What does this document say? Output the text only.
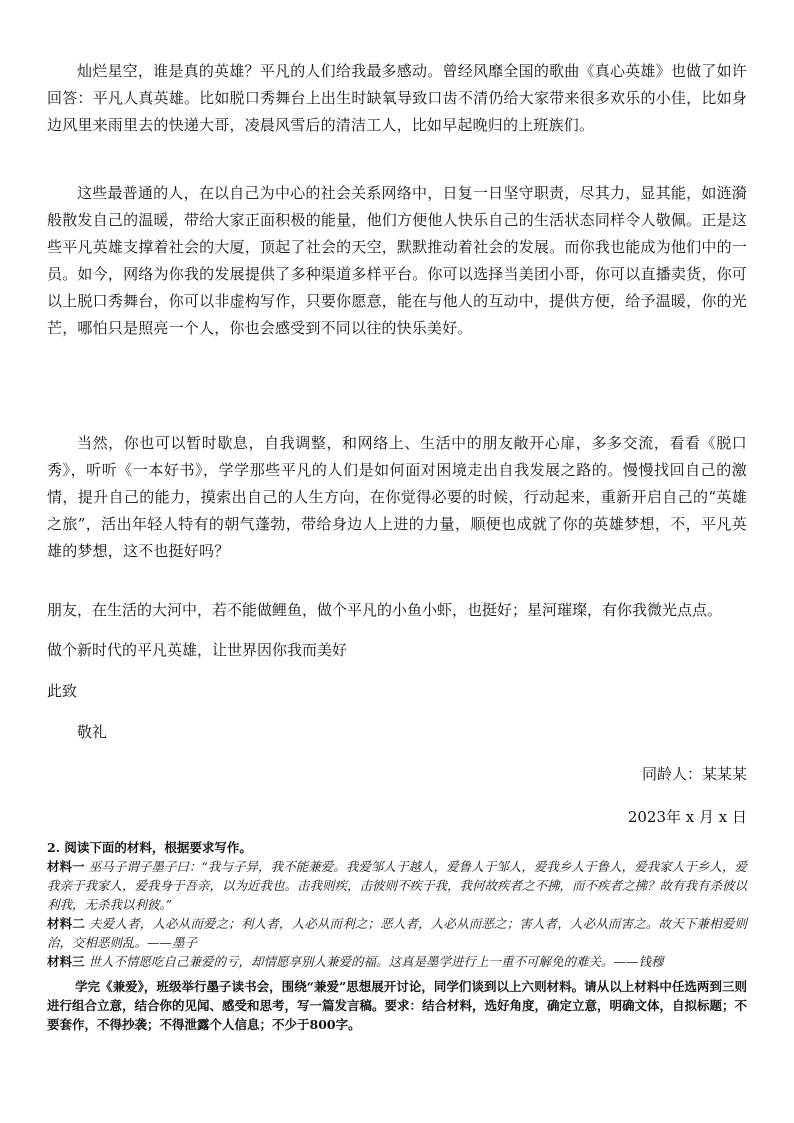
灿烂星空，谁是真的英雄？平凡的人们给我最多感动。曾经风靡全国的歌曲《真心英雄》也做了如许回答：平凡人真英雄。比如脱口秀舞台上出生时缺氧导致口齿不清仍给大家带来很多欢乐的小佳，比如身边风里来雨里去的快递大哥，凌晨风雪后的清洁工人，比如早起晚归的上班族们。

这些最普通的人，在以自己为中心的社会关系网络中，日复一日坚守职责，尽其力，显其能，如涟漪般散发自己的温暖，带给大家正面积极的能量，他们方便他人快乐自己的生活状态同样令人敬佩。正是这些平凡英雄支撑着社会的大厦，顶起了社会的天空，默默推动着社会的发展。而你我也能成为他们中的一员。如今，网络为你我的发展提供了多种渠道多样平台。你可以选择当美团小哥，你可以直播卖货，你可以上脱口秀舞台，你可以非虚构写作，只要你愿意，能在与他人的互动中，提供方便，给予温暖，你的光芒，哪怕只是照亮一个人，你也会感受到不同以往的快乐美好。

当然，你也可以暂时歇息，自我调整，和网络上、生活中的朋友敞开心扉，多多交流，看看《脱口秀》，听听《一本好书》，学学那些平凡的人们是如何面对困境走出自我发展之路的。慢慢找回自己的激情，提升自己的能力，摸索出自己的人生方向，在你觉得必要的时候，行动起来，重新开启自己的“英雄之旅”，活出年轻人特有的朝气蓬勃，带给身边人上进的力量，顺便也成就了你的英雄梦想，不，平凡英雄的梦想，这不也挺好吗？

朋友，在生活的大河中，若不能做鲤鱼，做个平凡的小鱼小虾，也挺好；星河璀璨，有你我微光点点。

做个新时代的平凡英雄，让世界因你我而美好

此致

敬礼

同龄人：某某某

2023年 x 月 x 日

2. 阅读下面的材料，根据要求写作。
材料一 巫马子谓子墨子曰：“我与子异，我不能兼爱。我爱邹人于越人，爱鲁人于邹人，爱我乡人于鲁人，爱我家人于乡人，爱我亲于我家人，爱我身于吾亲，以为近我也。击我则疾，击彼则不疾于我，我何故疾者之不拂，而不疾者之拂？故有我有杀彼以利我，无杀我以利彼。”
材料二 夫爱人者，人必从而爱之；利人者，人必从而利之；恶人者，人必从而恶之；害人者，人必从而害之。故天下兼相爱则治，交相恶则乱。——墨子
材料三 世人不情愿吃自己兼爱的亏，却情愿享别人兼爱的福。这真是墨学进行上一重不可解免的难关。——钱穆
学完《兼爱》，班级举行墨子读书会，围绕“兼爱”思想展开讨论，同学们谈到以上六则材料。请从以上材料中任选两到三则进行组合立意，结合你的见闻、感受和思考，写一篇发言稿。要求：结合材料，选好角度，确定立意，明确文体，自拟标题；不要套作，不得抄袭；不得泄露个人信息；不少于800字。
